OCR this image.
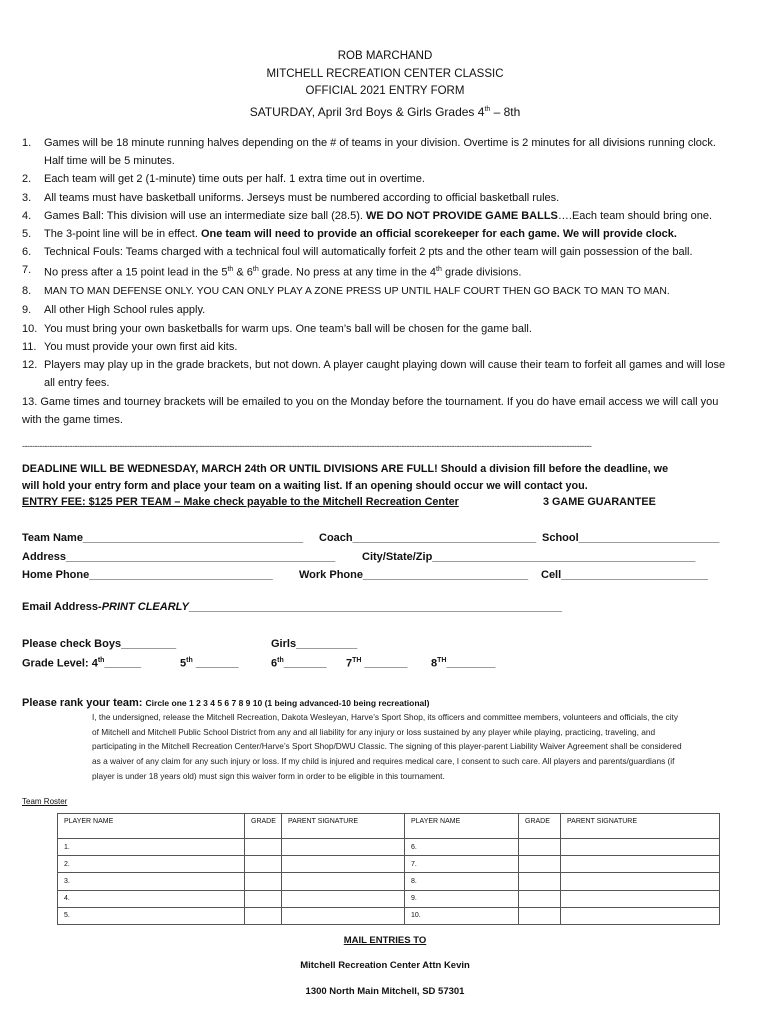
ROB MARCHAND
MITCHELL RECREATION CENTER CLASSIC
OFFICIAL 2021 ENTRY FORM
SATURDAY, April 3rd Boys & Girls Grades 4th – 8th
1. Games will be 18 minute running halves depending on the # of teams in your division. Overtime is 2 minutes for all divisions running clock. Half time will be 5 minutes.
2. Each team will get 2 (1-minute) time outs per half. 1 extra time out in overtime.
3. All teams must have basketball uniforms. Jerseys must be numbered according to official basketball rules.
4. Games Ball: This division will use an intermediate size ball (28.5). WE DO NOT PROVIDE GAME BALLS….Each team should bring one.
5. The 3-point line will be in effect. One team will need to provide an official scorekeeper for each game. We will provide clock.
6. Technical Fouls: Teams charged with a technical foul will automatically forfeit 2 pts and the other team will gain possession of the ball.
7. No press after a 15 point lead in the 5th & 6th grade. No press at any time in the 4th grade divisions.
8. MAN TO MAN DEFENSE ONLY. YOU CAN ONLY PLAY A ZONE PRESS UP UNTIL HALF COURT THEN GO BACK TO MAN TO MAN.
9. All other High School rules apply.
10. You must bring your own basketballs for warm ups. One team’s ball will be chosen for the game ball.
11. You must provide your own first aid kits.
12. Players may play up in the grade brackets, but not down. A player caught playing down will cause their team to forfeit all games and will lose all entry fees.
13. Game times and tourney brackets will be emailed to you on the Monday before the tournament. If you do have email access we will call you with the game times.
------------------------------------------------------------------------------------------------------------------------------------------------------------------------------------------------------------------------------------
DEADLINE WILL BE WEDNESDAY, MARCH 24th OR UNTIL DIVISIONS ARE FULL! Should a division fill before the deadline, we
will hold your entry form and place your team on a waiting list. If an opening should occur we will contact you.
ENTRY FEE: $125 PER TEAM – Make check payable to the Mitchell Recreation Center	3 GAME GUARANTEE
Team Name____________________________________ Coach______________________________ School_______________________
Address____________________________________________ City/State/Zip___________________________________________
Home Phone______________________________ Work Phone___________________________ Cell________________________
Email Address-PRINT CLEARLY_____________________________________________________________
Please check Boys_________	Girls__________
Grade Level: 4th______	5th _______	6th_______ 7TH _______ 8TH________
Please rank your team: Circle one 1 2 3 4 5 6 7 8 9 10 (1 being advanced-10 being recreational)
I, the undersigned, release the Mitchell Recreation, Dakota Wesleyan, Harve’s Sport Shop, its officers and committee members, volunteers and officials, the city of Mitchell and Mitchell Public School District from any and all liability for any injury or loss sustained by any player while playing, practicing, traveling, and participating in the Mitchell Recreation Center/Harve’s Sport Shop/DWU Classic. The signing of this player-parent Liability Waiver Agreement shall be considered as a waiver of any claim for any such injury or loss. If my child is injured and requires medical care, I consent to such care. All players and parents/guardians (if player is under 18 years old) must sign this waiver form in order to be eligible in this tournament.
Team Roster
PLAYER NAME	GRADE	PARENT SIGNATURE	PLAYER NAME	GRADE	PARENT SIGNATURE
1.			6.		
2.			7.		
3.			8.		
4.			9.		
5.			10.		
MAIL ENTRIES TO
Mitchell Recreation Center Attn Kevin
1300 North Main Mitchell, SD 57301
